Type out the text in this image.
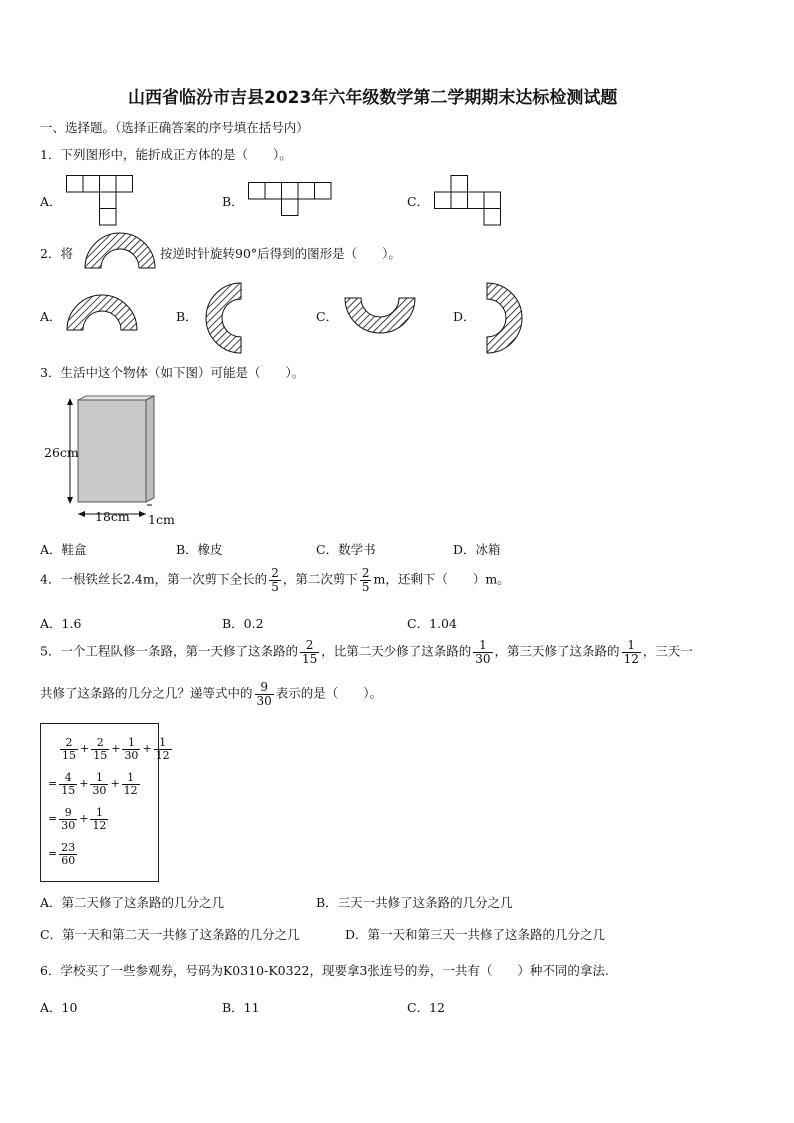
山西省临汾市吉县2023年六年级数学第二学期期末达标检测试题
一、选择题。（选择正确答案的序号填在括号内）
1．下列图形中，能折成正方体的是（　　）。
A．	B．	C．
2．将	按逆时针旋转90°后得到的图形是（　　）。
A．	B．	C．	D．
3．生活中这个物体（如下图）可能是（　　）。
26cm
18cm 1cm
A．鞋盒	B．橡皮	C．数学书	D．冰箱
4．一根铁丝长2.4m，第一次剪下全长的 $\frac{2}{5}$ ，第二次剪下 $\frac{2}{5}$ m，还剩下（　　）m。
A．1.6	B．0.2	C．1.04
5．一个工程队修一条路，第一天修了这条路的 $\frac{2}{15}$ ，比第二天少修了这条路的 $\frac{1}{30}$ ，第三天修了这条路的 $\frac{1}{12}$ ，三天一
共修了这条路的几分之几？递等式中的 $\frac{9}{30}$ 表示的是（　　）。
$\frac{2}{15} + \frac{2}{15} + \frac{1}{30} + \frac{1}{12}$
= $\frac{4}{15} + \frac{1}{30} + \frac{1}{12}$
= $\frac{9}{30} + \frac{1}{12}$
= $\frac{23}{60}$
A．第二天修了这条路的几分之几	B．三天一共修了这条路的几分之几
C．第一天和第二天一共修了这条路的几分之几	D．第一天和第三天一共修了这条路的几分之几
6．学校买了一些参观券，号码为K0310-K0322，现要拿3张连号的券，一共有（　　）种不同的拿法.
A．10	B．11	C．12
